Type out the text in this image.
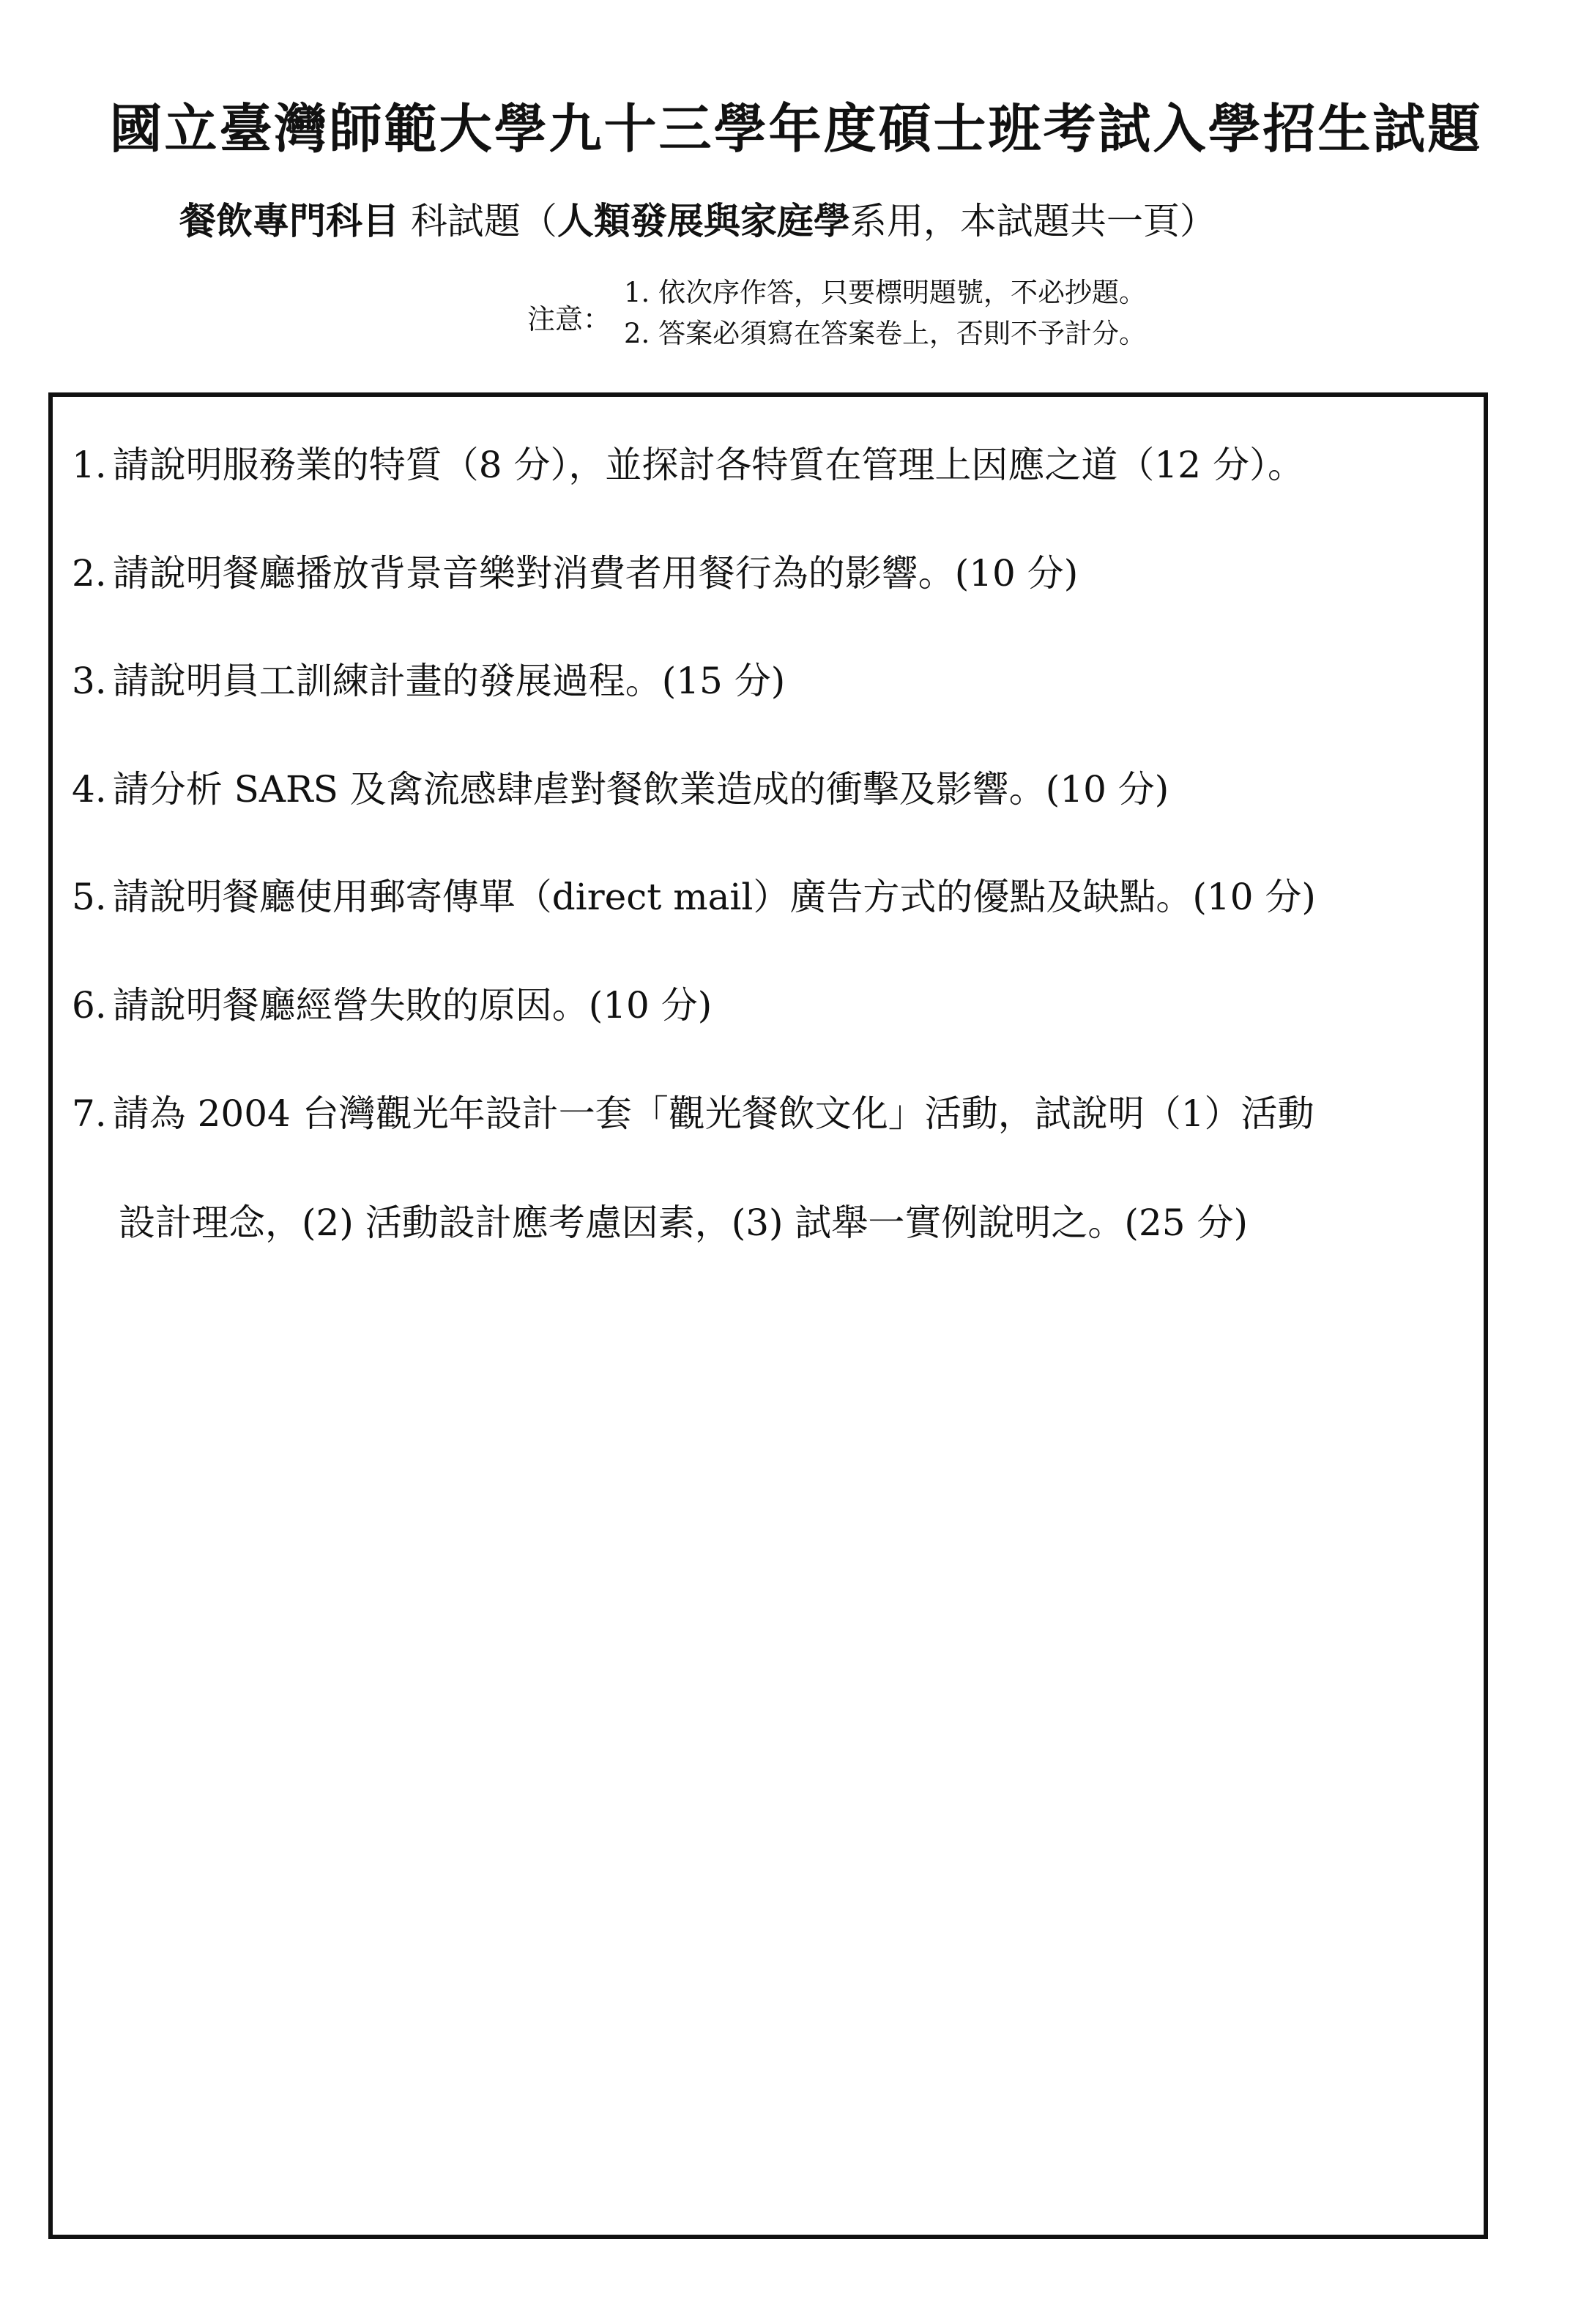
國立臺灣師範大學九十三學年度碩士班考試入學招生試題

餐飲專門科目 科試題（人類發展與家庭學系用，本試題共一頁）

注意：
1. 依次序作答，只要標明題號，不必抄題。
2. 答案必須寫在答案卷上，否則不予計分。

1. 請說明服務業的特質（8 分），並探討各特質在管理上因應之道（12 分）。

2. 請說明餐廳播放背景音樂對消費者用餐行為的影響。(10 分)

3. 請說明員工訓練計畫的發展過程。(15 分)

4. 請分析 SARS 及禽流感肆虐對餐飲業造成的衝擊及影響。(10 分)

5. 請說明餐廳使用郵寄傳單（direct mail）廣告方式的優點及缺點。(10 分)

6. 請說明餐廳經營失敗的原因。(10 分)

7. 請為 2004 台灣觀光年設計一套「觀光餐飲文化」活動，試說明（1）活動

設計理念，(2) 活動設計應考慮因素，(3) 試舉一實例說明之。(25 分)
